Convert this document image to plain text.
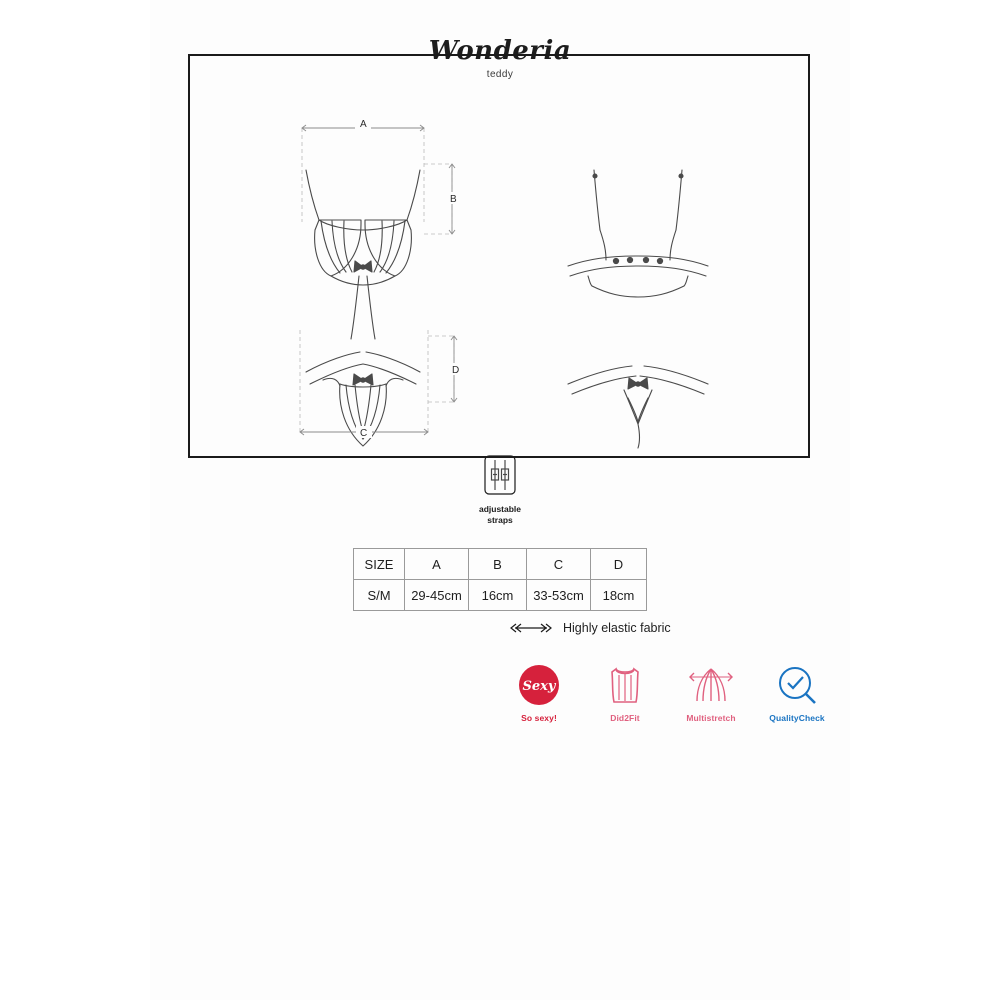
Wonderia
teddy
A
B
C
D
adjustable
straps
SIZE	A	B	C	D
S/M	29-45cm	16cm	33-53cm	18cm
Highly elastic fabric
Sexy
So sexy!	Did2Fit	Multistretch	QualityCheck
